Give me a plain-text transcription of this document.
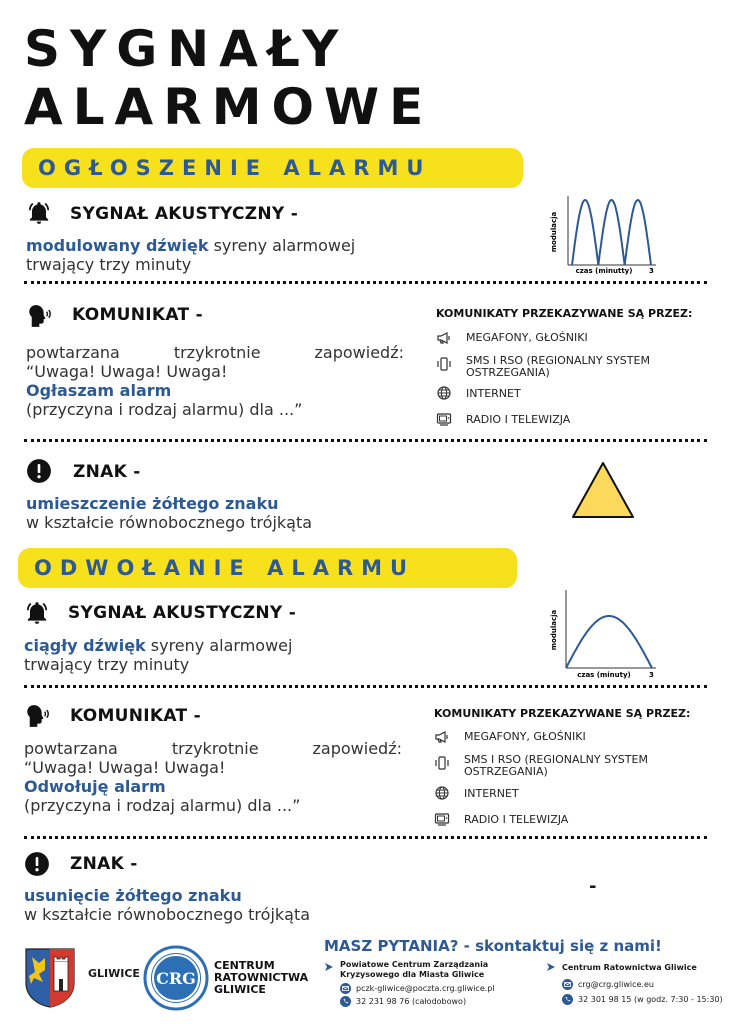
SYGNAŁY
ALARMOWE
OGŁOSZENIE ALARMU
SYGNAŁ AKUSTYCZNY -
modulowany dźwięk syreny alarmowej
trwający trzy minuty
modulacja
czas (minutty) 3
KOMUNIKAT -
powtarzana trzykrotnie zapowiedź:
“Uwaga! Uwaga! Uwaga!
Ogłaszam alarm
(przyczyna i rodzaj alarmu) dla ...”
KOMUNIKATY PRZEKAZYWANE SĄ PRZEZ:
MEGAFONY, GŁOŚNIKI
SMS I RSO (REGIONALNY SYSTEM OSTRZEGANIA)
INTERNET
RADIO I TELEWIZJA
ZNAK -
umieszczenie żółtego znaku
w kształcie równobocznego trójkąta
ODWOŁANIE ALARMU
SYGNAŁ AKUSTYCZNY -
ciągły dźwięk syreny alarmowej
trwający trzy minuty
modulacja
czas (minuty)	3
KOMUNIKAT -
powtarzana trzykrotnie zapowiedź:
“Uwaga! Uwaga! Uwaga!
Odwołuję alarm
(przyczyna i rodzaj alarmu) dla ...”
KOMUNIKATY PRZEKAZYWANE SĄ PRZEZ:
MEGAFONY, GŁOŚNIKI
SMS I RSO (REGIONALNY SYSTEM OSTRZEGANIA)
INTERNET
RADIO I TELEWIZJA
ZNAK -
usunięcie żółtego znaku
w kształcie równobocznego trójkąta
-
GLIWICE CRG
CENTRUM
RATOWNICTWA
GLIWICE
MASZ PYTANIA? - skontaktuj się z nami!
Powiatowe Centrum Zarządzania Kryzysowego dla Miasta Gliwice
pczk-gliwice@poczta.crg.gliwice.pl
32 231 98 76 (całodobowo)
Centrum Ratownictwa Gliwice
crg@crg.gliwice.eu
32 301 98 15 (w godz. 7:30 - 15:30)
